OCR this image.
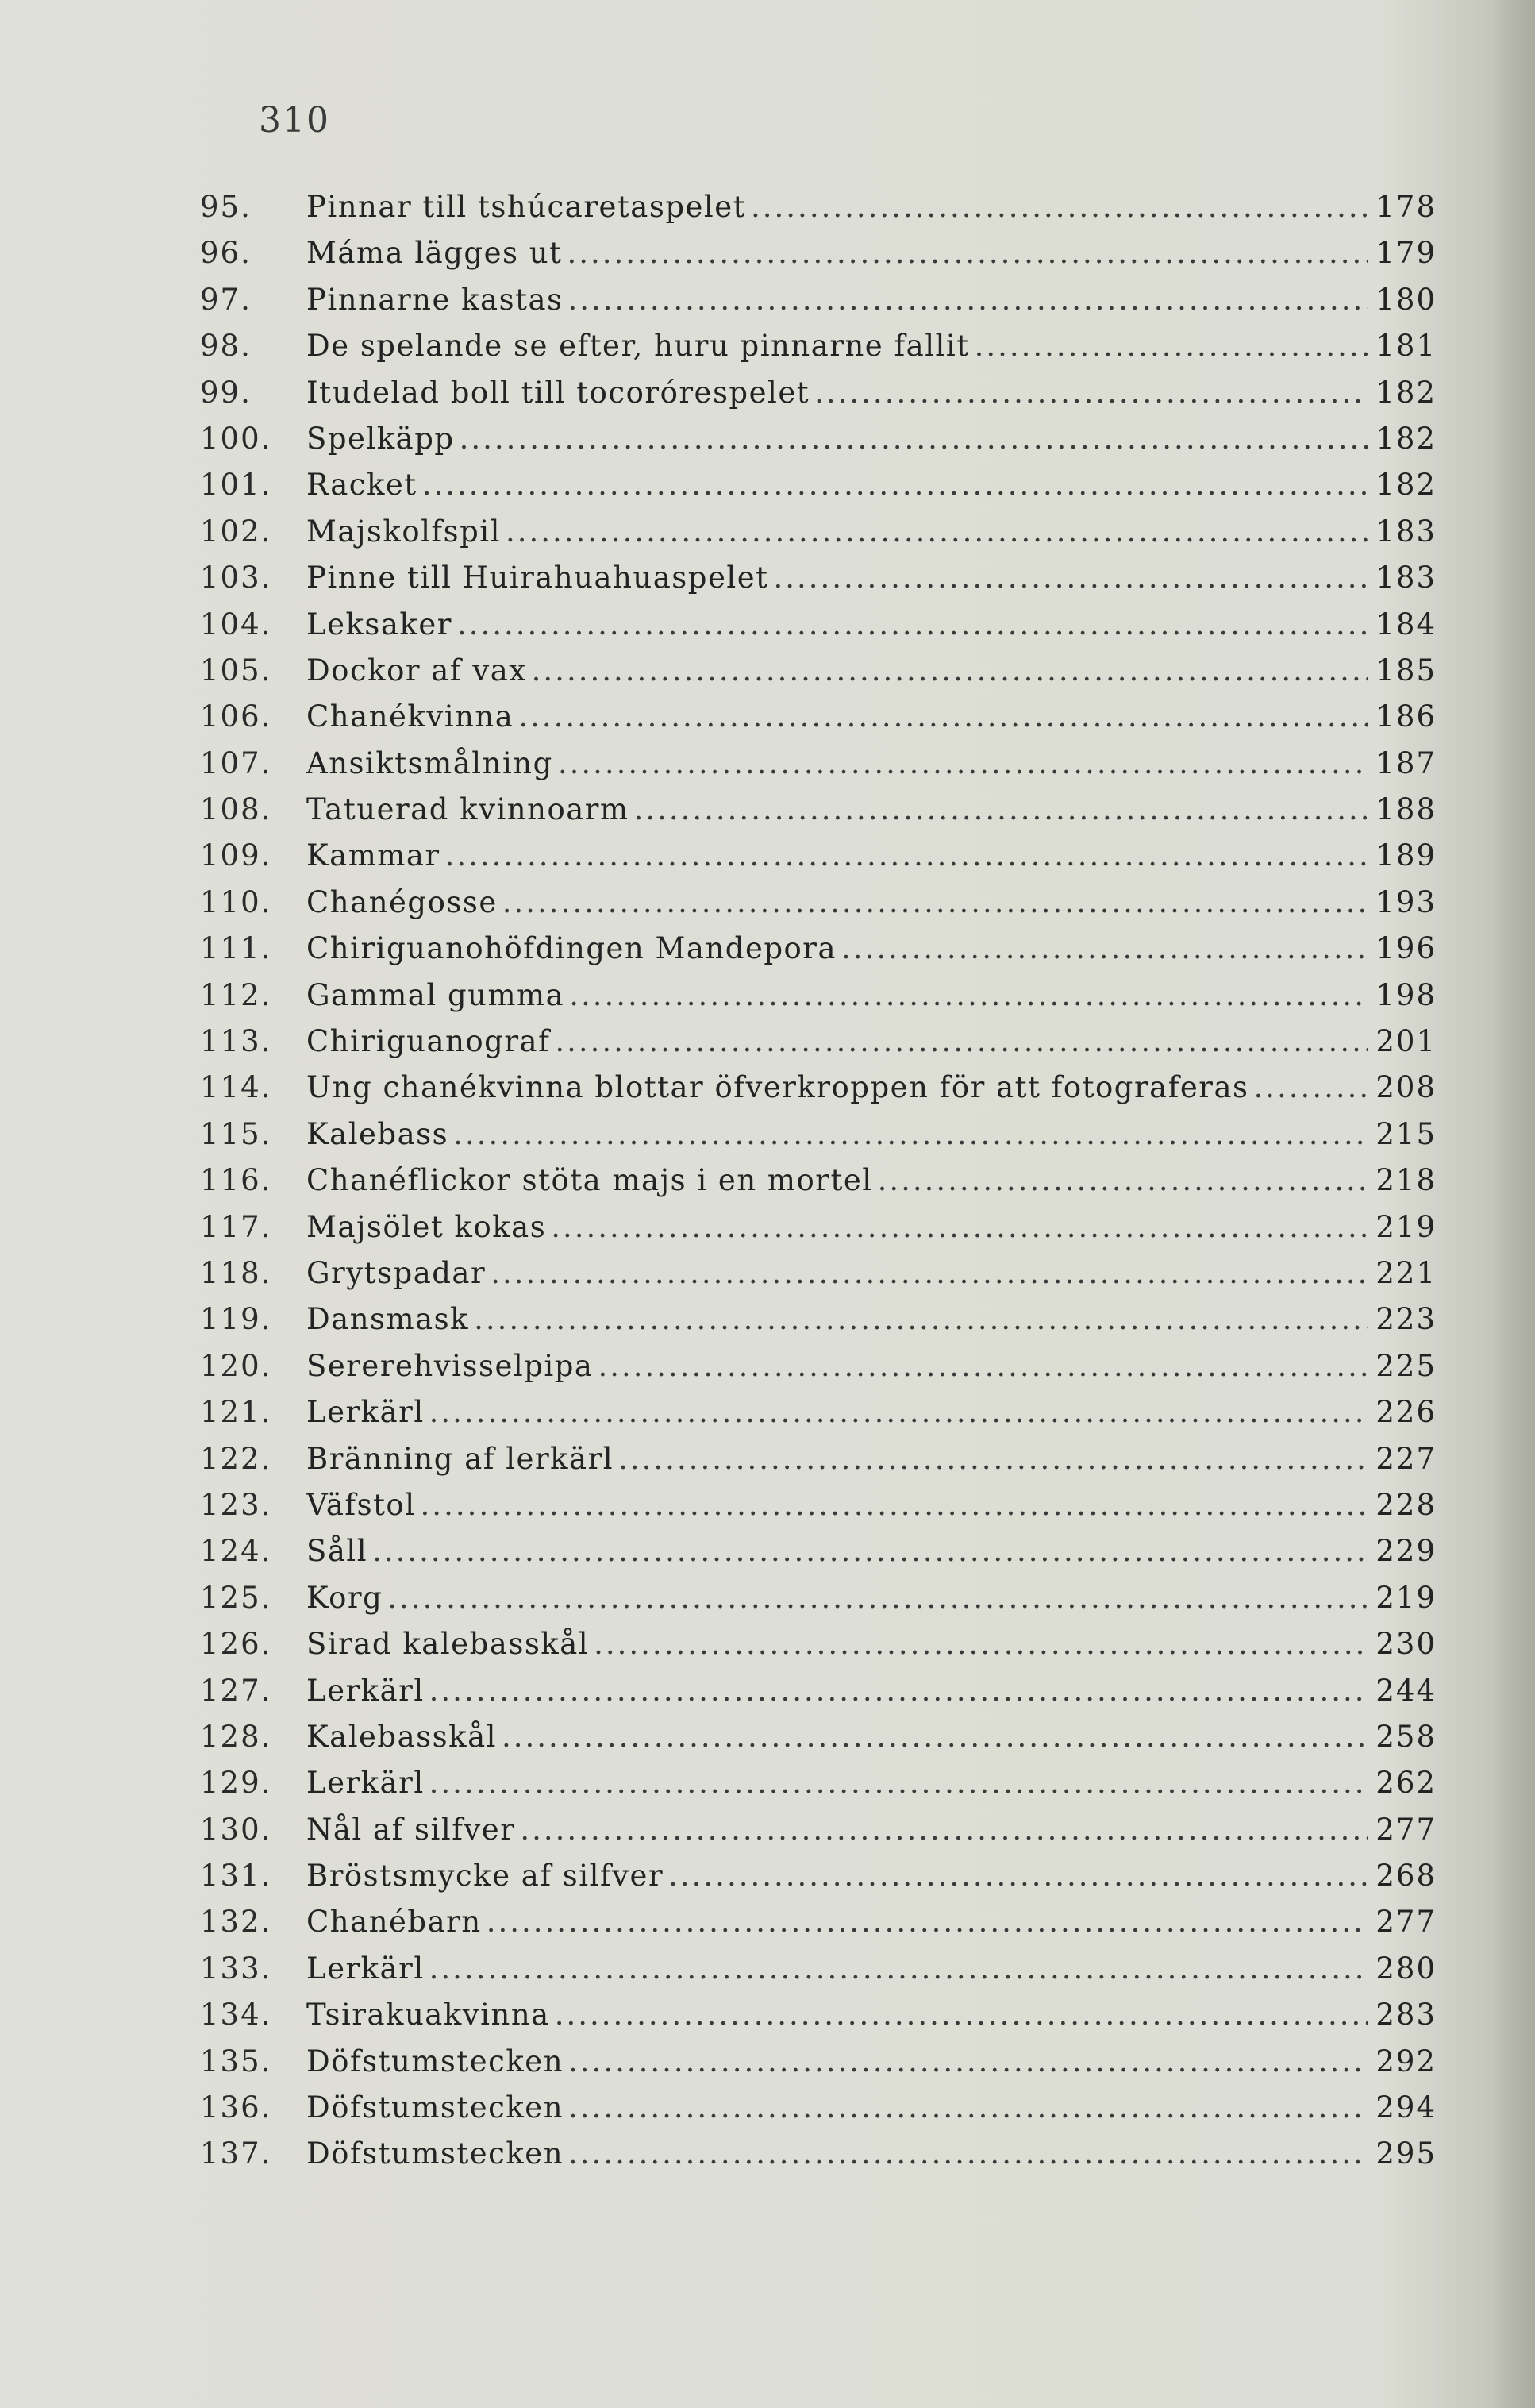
310
95.	Pinnar till tshúcaretaspelet .....	178
96.	Máma lägges ut .....	179
97.	Pinnarne kastas .....	180
98.	De spelande se efter, huru pinnarne fallit .....	181
99.	Itudelad boll till tocorórespelet .....	182
100. Spelkäpp .....	182
101. Racket .....	182
102. Majskolfspil .....	183
103. Pinne till Huirahuahuaspelet .....	183
104. Leksaker .....	184
105. Dockor af vax .....	185
106. Chanékvinna .....	186
107. Ansiktsmålning .....	187
108. Tatuerad kvinnoarm .....	188
109. Kammar .....	189
110. Chanégosse .....	193
111. Chiriguanohöfdingen Mandepora .....	196
112. Gammal gumma .....	198
113. Chiriguanograf .....	201
114. Ung chanékvinna blottar öfverkroppen för att fotograferas .....	208
115. Kalebass .....	215
116. Chanéflickor stöta majs i en mortel .....	218
117. Majsölet kokas .....	219
118. Grytspadar .....	221
119. Dansmask .....	223
120. Sererehvisselpipa .....	225
121. Lerkärl .....	226
122. Bränning af lerkärl .....	227
123. Väfstol .....	228
124. Såll .....	229
125. Korg .....	219
126. Sirad kalebasskål .....	230
127. Lerkärl .....	244
128. Kalebasskål .....	258
129. Lerkärl .....	262
130. Nål af silfver .....	277
131. Bröstsmycke af silfver .....	268
132. Chanébarn .....	277
133. Lerkärl .....	280
134. Tsirakuakvinna .....	283
135. Döfstumstecken .....	292
136. Döfstumstecken .....	294
137. Döfstumstecken .....	295
